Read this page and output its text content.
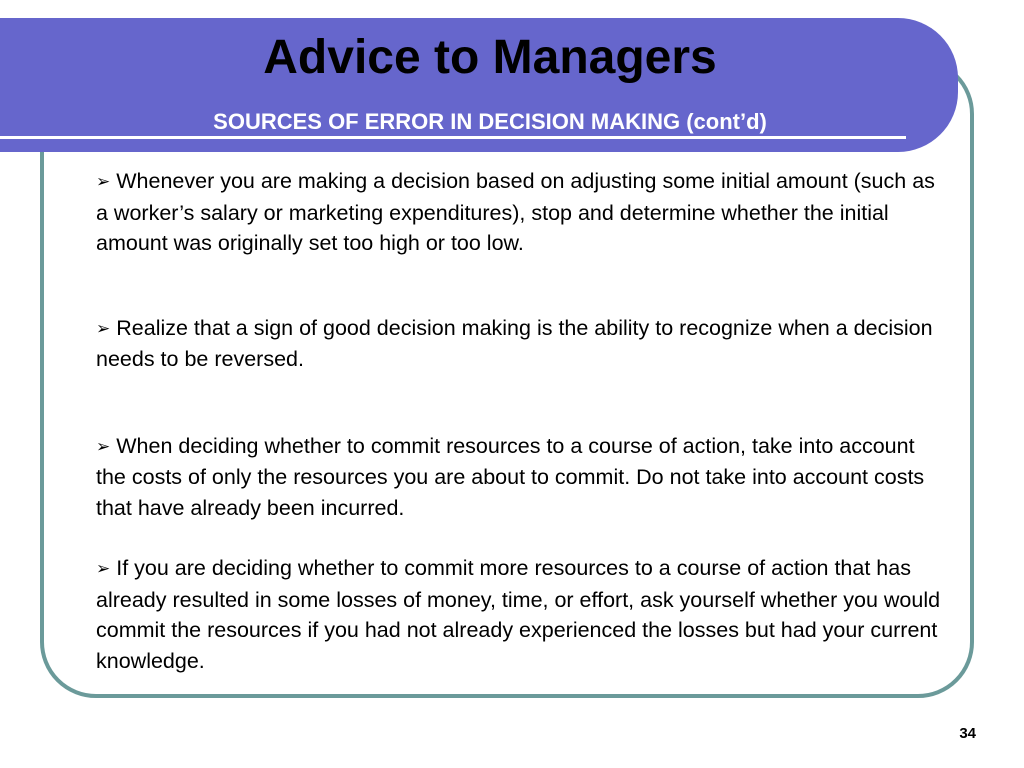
Advice to Managers
SOURCES OF ERROR IN DECISION MAKING (cont’d)
➢ Whenever you are making a decision based on adjusting some initial amount (such as a worker’s salary or marketing expenditures), stop and determine whether the initial amount was originally set too high or too low.
➢ Realize that a sign of good decision making is the ability to recognize when a decision needs to be reversed.
➢ When deciding whether to commit resources to a course of action, take into account the costs of only the resources you are about to commit. Do not take into account costs that have already been incurred.
➢ If you are deciding whether to commit more resources to a course of action that has already resulted in some losses of money, time, or effort, ask yourself whether you would commit the resources if you had not already experienced the losses but had your current knowledge.
34
